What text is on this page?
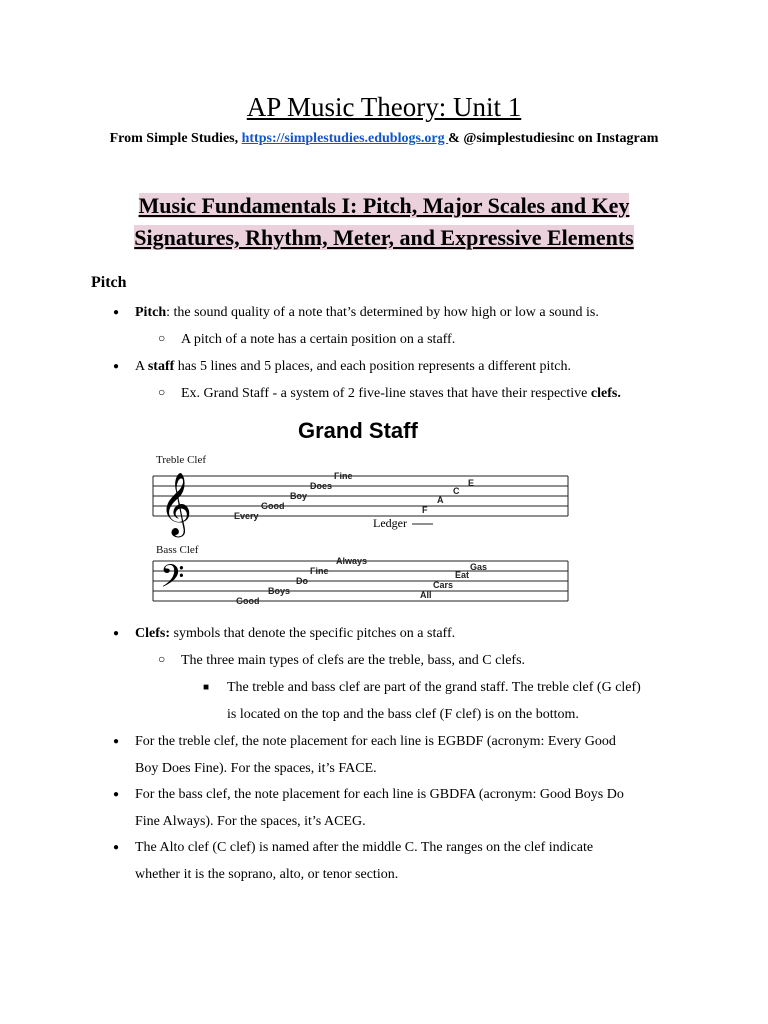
AP Music Theory: Unit 1
From Simple Studies, https://simplestudies.edublogs.org & @simplestudiesinc on Instagram
Music Fundamentals I: Pitch, Major Scales and Key
Signatures, Rhythm, Meter, and Expressive Elements
Pitch
● Pitch: the sound quality of a note that’s determined by how high or low a sound is.
○ A pitch of a note has a certain position on a staff.
● A staff has 5 lines and 5 places, and each position represents a different pitch.
○ Ex. Grand Staff - a system of 2 five-line staves that have their respective clefs.
Grand Staff
Treble Clef
Bass Clef
𝄞
𝄢
Fine
Does
Boy
Good
Every
E
C
A
F
Ledger
Always
Fine
Do
Boys
Good
Gas
Eat
Cars
All
● Clefs: symbols that denote the specific pitches on a staff.
○ The three main types of clefs are the treble, bass, and C clefs.
■ The treble and bass clef are part of the grand staff. The treble clef (G clef)
is located on the top and the bass clef (F clef) is on the bottom.
● For the treble clef, the note placement for each line is EGBDF (acronym: Every Good
Boy Does Fine). For the spaces, it’s FACE.
● For the bass clef, the note placement for each line is GBDFA (acronym: Good Boys Do
Fine Always). For the spaces, it’s ACEG.
● The Alto clef (C clef) is named after the middle C. The ranges on the clef indicate
whether it is the soprano, alto, or tenor section.
